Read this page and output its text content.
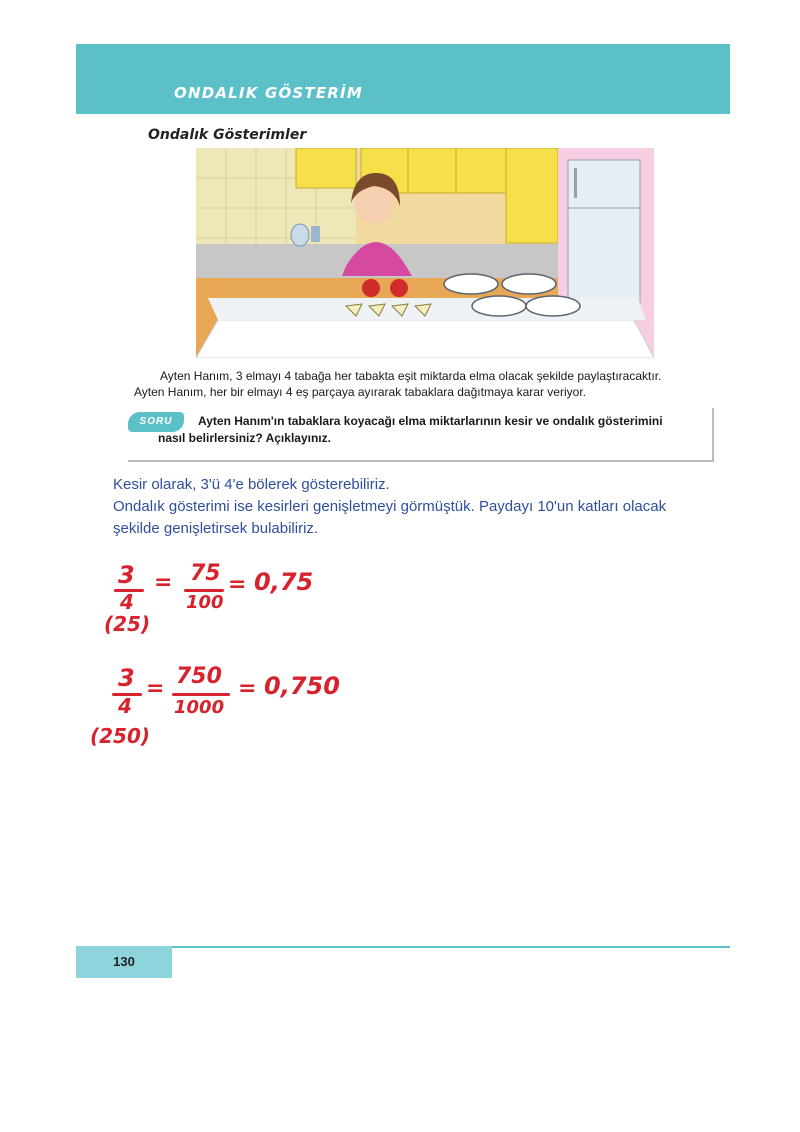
ONDALIK GÖSTERİM
Ondalık Gösterimler
Ayten Hanım, 3 elmayı 4 tabağa her tabakta eşit miktarda elma olacak şekilde paylaştıracaktır.
Ayten Hanım, her bir elmayı 4 eş parçaya ayırarak tabaklara dağıtmaya karar veriyor.
SORU	Ayten Hanım'ın tabaklara koyacağı elma miktarlarının kesir ve ondalık gösterimini
nasıl belirlersiniz? Açıklayınız.
Kesir olarak, 3'ü 4'e bölerek gösterebiliriz.
Ondalık gösterimi ise kesirleri genişletmeyi görmüştük. Paydayı 10'un katları olacak
şekilde genişletirsek bulabiliriz.
3
4
= 75
100
= 0,75
(25)
3
4
= 750
1000
= 0,750
(250)
130
